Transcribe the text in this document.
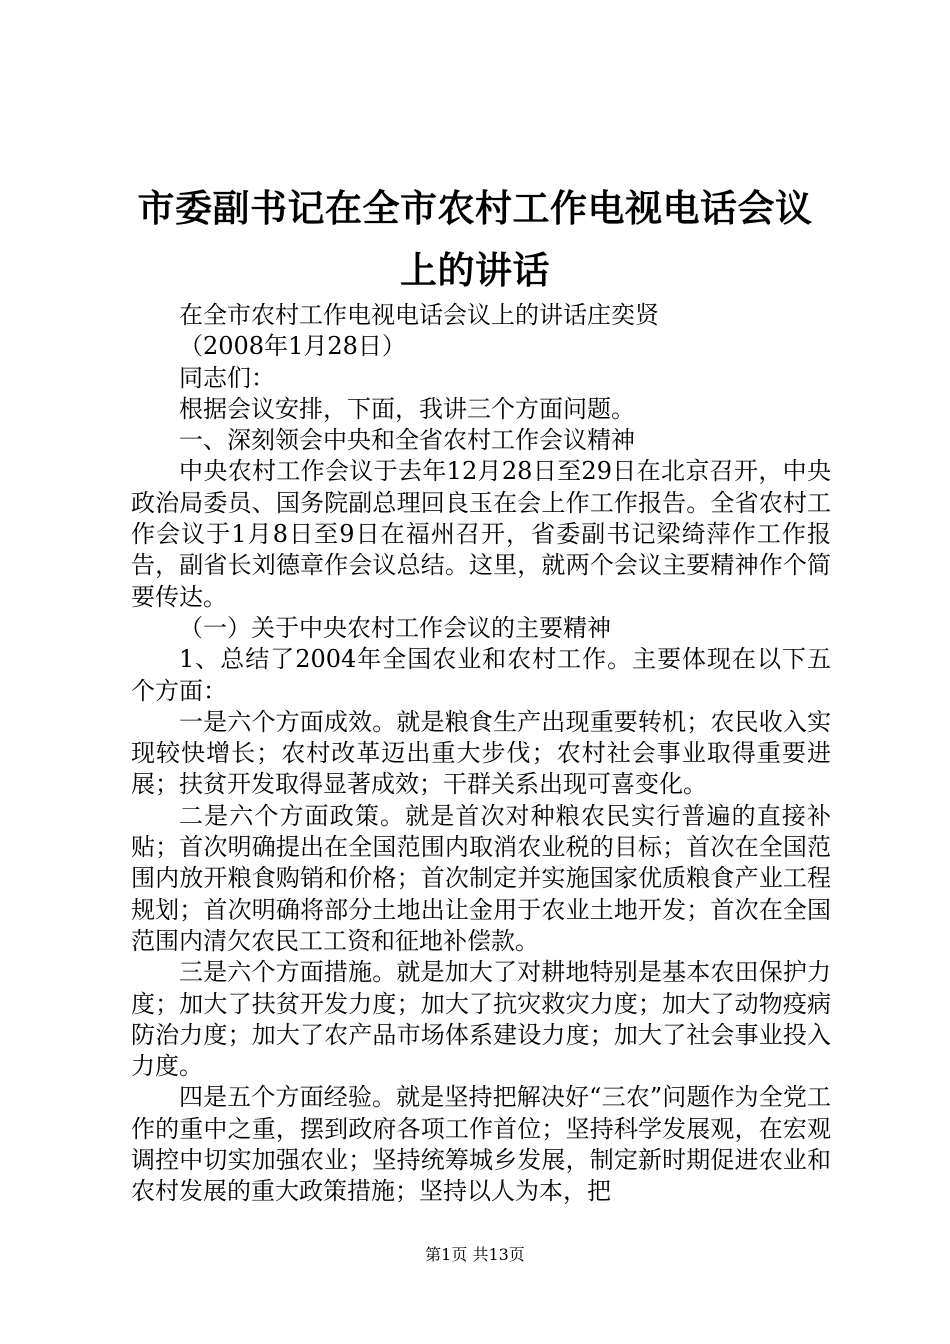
市委副书记在全市农村工作电视电话会议上的讲话

在全市农村工作电视电话会议上的讲话庄奕贤

（2008年1月28日）

同志们：

根据会议安排，下面，我讲三个方面问题。

一、深刻领会中央和全省农村工作会议精神

中央农村工作会议于去年12月28日至29日在北京召开，中央政治局委员、国务院副总理回良玉在会上作工作报告。全省农村工作会议于1月8日至9日在福州召开，省委副书记梁绮萍作工作报告，副省长刘德章作会议总结。这里，就两个会议主要精神作个简要传达。

（一）关于中央农村工作会议的主要精神

1、总结了2004年全国农业和农村工作。主要体现在以下五个方面：

一是六个方面成效。就是粮食生产出现重要转机；农民收入实现较快增长；农村改革迈出重大步伐；农村社会事业取得重要进展；扶贫开发取得显著成效；干群关系出现可喜变化。

二是六个方面政策。就是首次对种粮农民实行普遍的直接补贴；首次明确提出在全国范围内取消农业税的目标；首次在全国范围内放开粮食购销和价格；首次制定并实施国家优质粮食产业工程规划；首次明确将部分土地出让金用于农业土地开发；首次在全国范围内清欠农民工工资和征地补偿款。

三是六个方面措施。就是加大了对耕地特别是基本农田保护力度；加大了扶贫开发力度；加大了抗灾救灾力度；加大了动物疫病防治力度；加大了农产品市场体系建设力度；加大了社会事业投入力度。

四是五个方面经验。就是坚持把解决好“三农”问题作为全党工作的重中之重，摆到政府各项工作首位；坚持科学发展观，在宏观调控中切实加强农业；坚持统筹城乡发展，制定新时期促进农业和农村发展的重大政策措施；坚持以人为本，把

第1页 共13页
